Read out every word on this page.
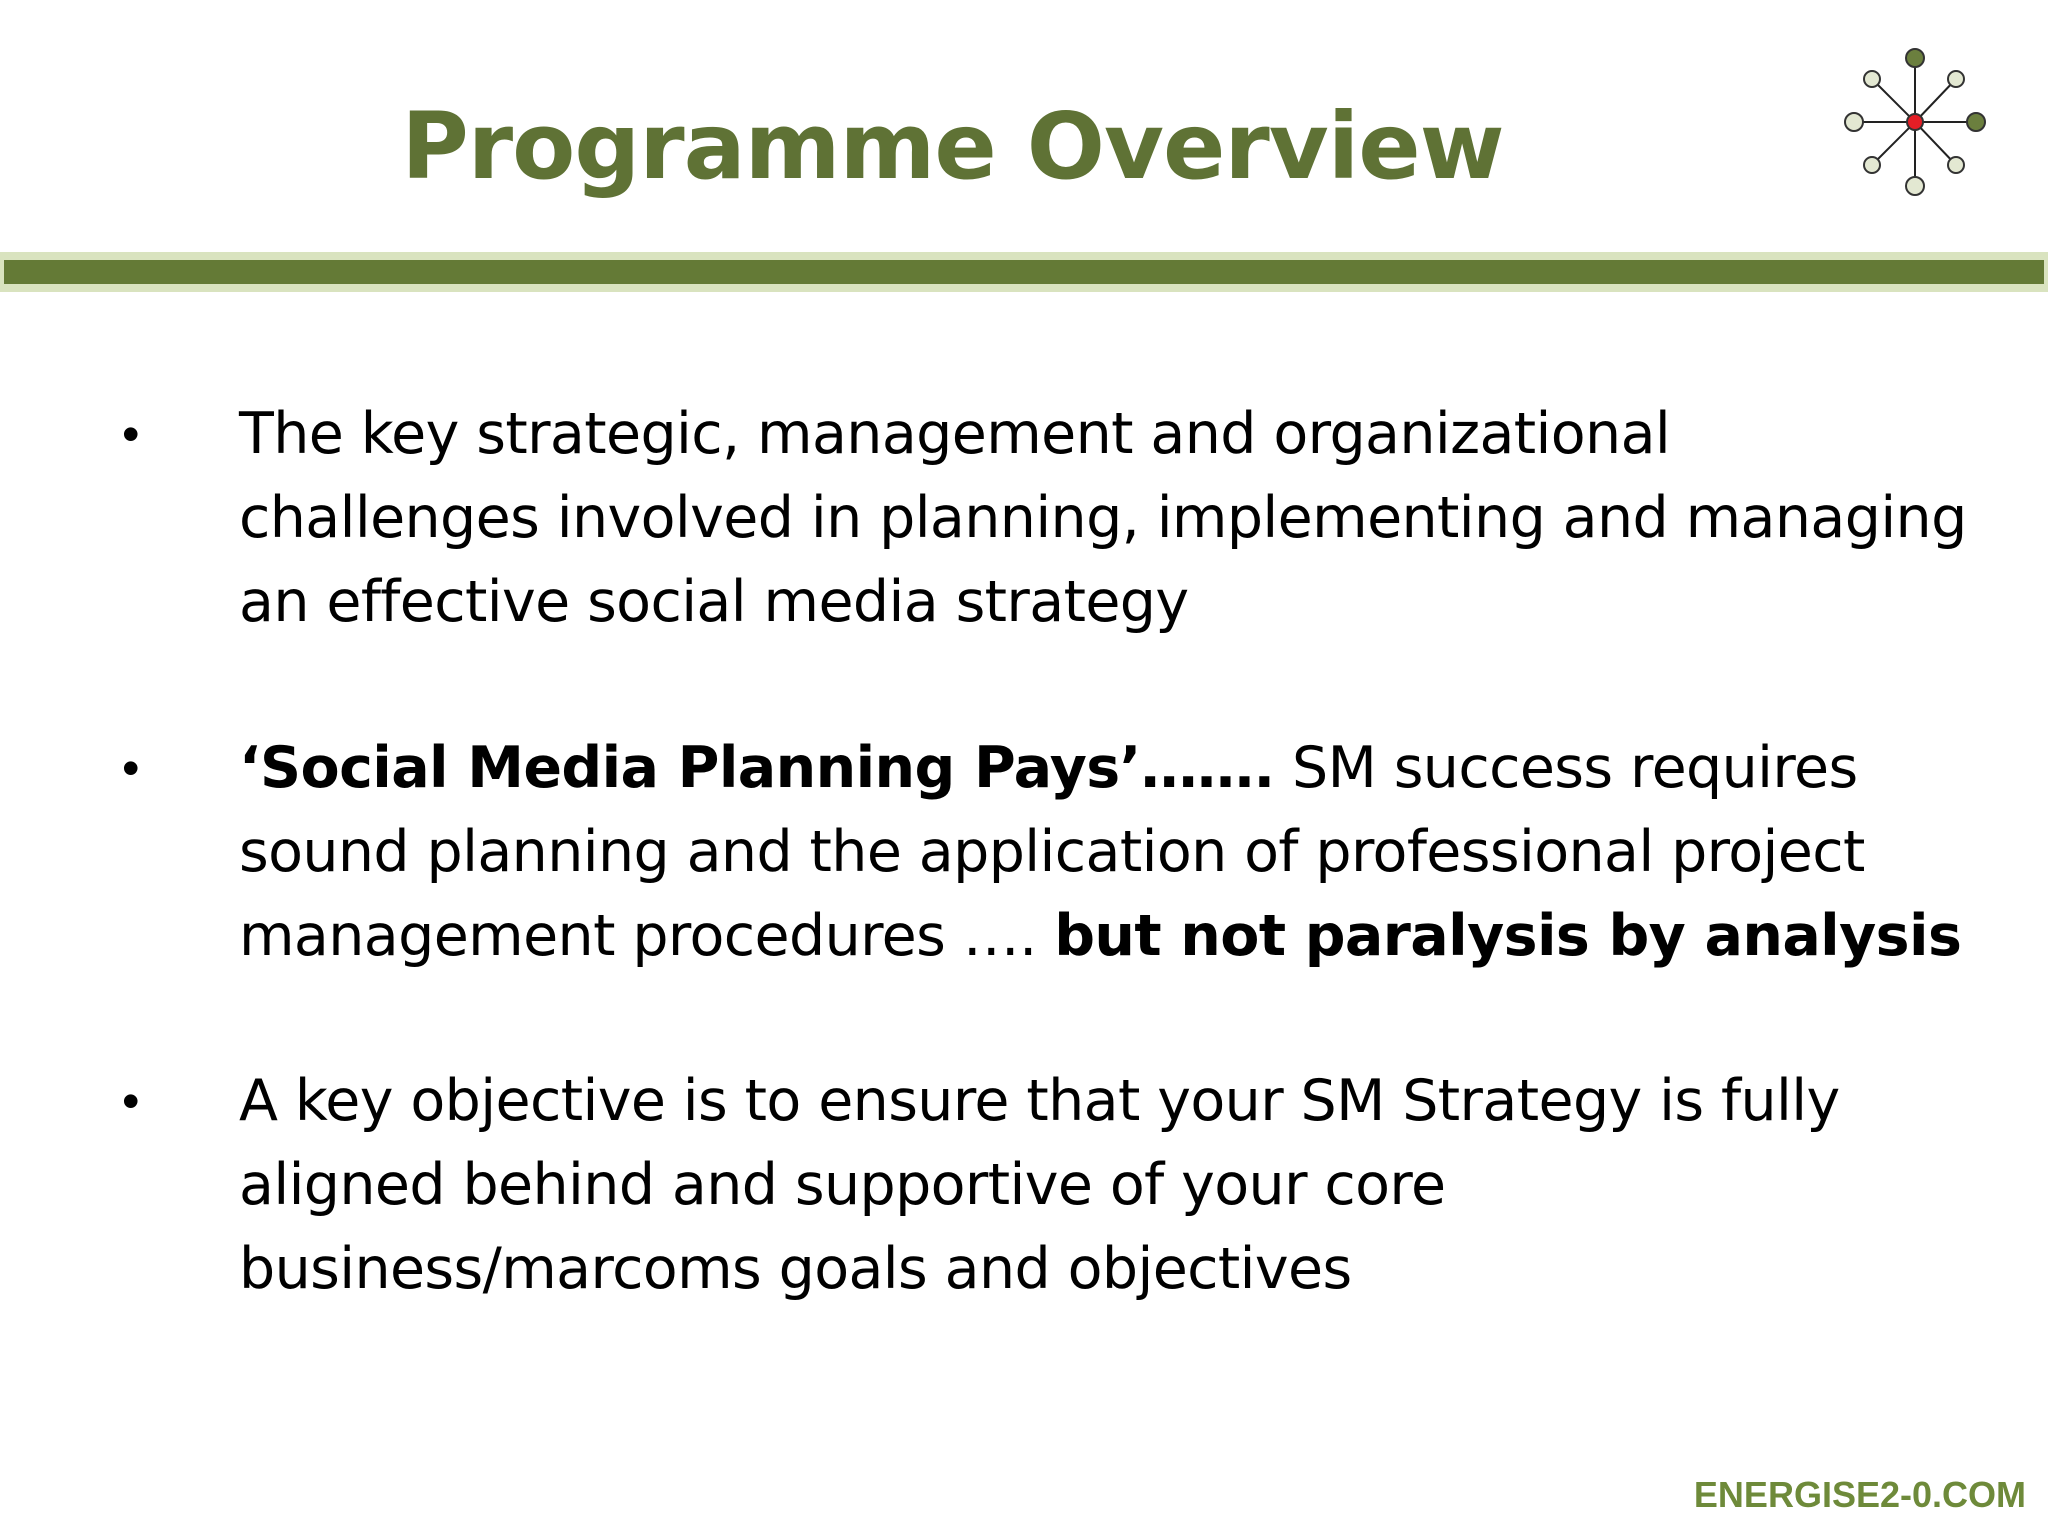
Programme Overview
• The key strategic, management and organizational
challenges involved in planning, implementing and managing
an effective social media strategy
• ‘Social Media Planning Pays’……. SM success requires
sound planning and the application of professional project
management procedures …. but not paralysis by analysis
• A key objective is to ensure that your SM Strategy is fully
aligned behind and supportive of your core
business/marcoms goals and objectives
ENERGISE2-0.COM
